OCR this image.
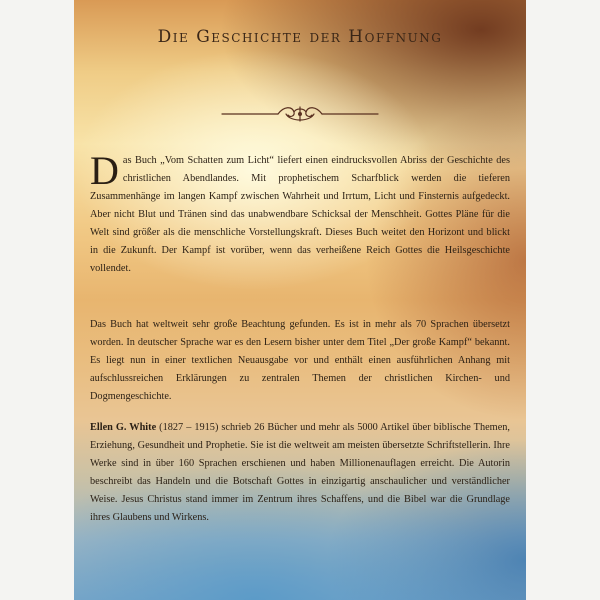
Die Geschichte der Hoffnung

Das Buch „Vom Schatten zum Licht“ liefert einen eindrucksvollen Abriss der Geschichte des christlichen Abendlandes. Mit prophetischem Scharfblick werden die tieferen Zusammenhänge im langen Kampf zwischen Wahrheit und Irrtum, Licht und Finsternis aufgedeckt. Aber nicht Blut und Tränen sind das unabwendbare Schicksal der Menschheit. Gottes Pläne für die Welt sind größer als die menschliche Vorstellungskraft. Dieses Buch weitet den Horizont und blickt in die Zukunft. Der Kampf ist vorüber, wenn das verheißene Reich Gottes die Heilsgeschichte vollendet.

Das Buch hat weltweit sehr große Beachtung gefunden. Es ist in mehr als 70 Sprachen übersetzt worden. In deutscher Sprache war es den Lesern bisher unter dem Titel „Der große Kampf“ bekannt. Es liegt nun in einer textlichen Neuausgabe vor und enthält einen ausführlichen Anhang mit aufschlussreichen Erklärungen zu zentralen Themen der christlichen Kirchen- und Dogmengeschichte.

Ellen G. White (1827 – 1915) schrieb 26 Bücher und mehr als 5000 Artikel über biblische Themen, Erziehung, Gesundheit und Prophetie. Sie ist die weltweit am meisten übersetzte Schriftstellerin. Ihre Werke sind in über 160 Sprachen erschienen und haben Millionenauflagen erreicht. Die Autorin beschreibt das Handeln und die Botschaft Gottes in einzigartig anschaulicher und verständlicher Weise. Jesus Christus stand immer im Zentrum ihres Schaffens, und die Bibel war die Grundlage ihres Glaubens und Wirkens.
